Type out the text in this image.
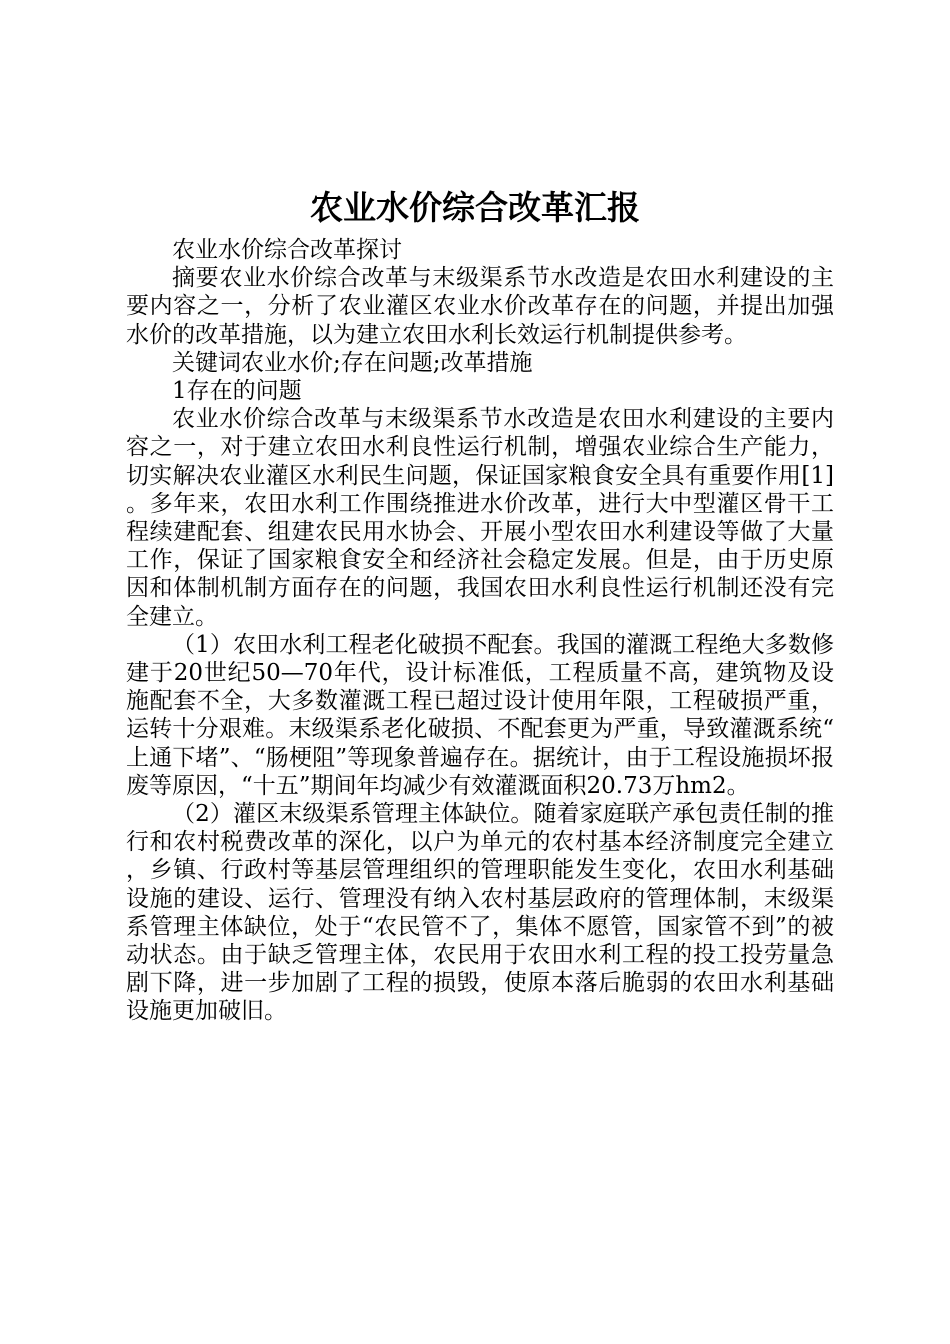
农业水价综合改革汇报

农业水价综合改革探讨

摘要农业水价综合改革与末级渠系节水改造是农田水利建设的主要内容之一，分析了农业灌区农业水价改革存在的问题，并提出加强水价的改革措施，以为建立农田水利长效运行机制提供参考。

关键词农业水价;存在问题;改革措施

1存在的问题

农业水价综合改革与末级渠系节水改造是农田水利建设的主要内容之一，对于建立农田水利良性运行机制，增强农业综合生产能力，切实解决农业灌区水利民生问题，保证国家粮食安全具有重要作用[1]。多年来，农田水利工作围绕推进水价改革，进行大中型灌区骨干工程续建配套、组建农民用水协会、开展小型农田水利建设等做了大量工作，保证了国家粮食安全和经济社会稳定发展。但是，由于历史原因和体制机制方面存在的问题，我国农田水利良性运行机制还没有完全建立。

（1）农田水利工程老化破损不配套。我国的灌溉工程绝大多数修建于20世纪50—70年代，设计标准低，工程质量不高，建筑物及设施配套不全，大多数灌溉工程已超过设计使用年限，工程破损严重，运转十分艰难。末级渠系老化破损、不配套更为严重，导致灌溉系统“上通下堵”、“肠梗阻”等现象普遍存在。据统计，由于工程设施损坏报废等原因，“十五”期间年均减少有效灌溉面积20.73万hm2。

（2）灌区末级渠系管理主体缺位。随着家庭联产承包责任制的推行和农村税费改革的深化，以户为单元的农村基本经济制度完全建立，乡镇、行政村等基层管理组织的管理职能发生变化，农田水利基础设施的建设、运行、管理没有纳入农村基层政府的管理体制，末级渠系管理主体缺位，处于“农民管不了，集体不愿管，国家管不到”的被动状态。由于缺乏管理主体，农民用于农田水利工程的投工投劳量急剧下降，进一步加剧了工程的损毁，使原本落后脆弱的农田水利基础设施更加破旧。
